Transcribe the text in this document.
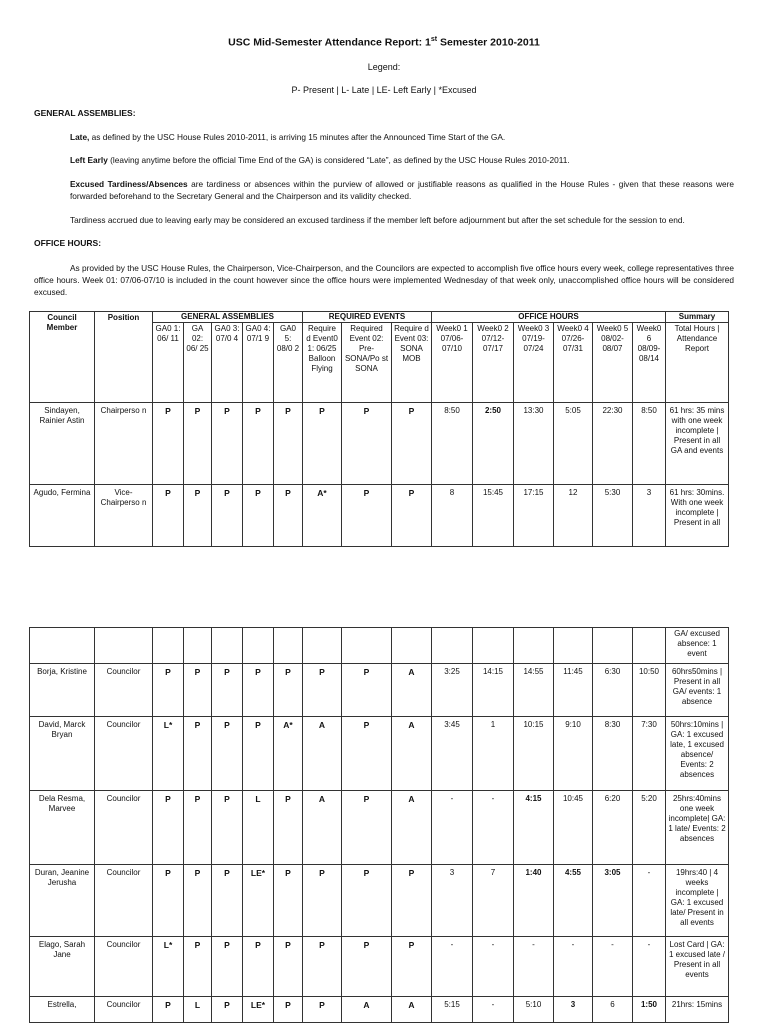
USC Mid-Semester Attendance Report: 1st Semester 2010-2011
Legend:
P- Present | L- Late | LE- Left Early | *Excused
GENERAL ASSEMBLIES:
Late, as defined by the USC House Rules 2010-2011, is arriving 15 minutes after the Announced Time Start of the GA.
Left Early (leaving anytime before the official Time End of the GA) is considered “Late”, as defined by the USC House Rules 2010-2011.
Excused Tardiness/Absences are tardiness or absences within the purview of allowed or justifiable reasons as qualified in the House Rules - given that these reasons were forwarded beforehand to the Secretary General and the Chairperson and its validity checked.
Tardiness accrued due to leaving early may be considered an excused tardiness if the member left before adjournment but after the set schedule for the session to end.
OFFICE HOURS:
As provided by the USC House Rules, the Chairperson, Vice-Chairperson, and the Councilors are expected to accomplish five office hours every week, college representatives three office hours. Week 01: 07/06-07/10 is included in the count however since the office hours were implemented Wednesday of that week only, unaccomplished office hours will be considered excused.
Council Member	Position	GENERAL ASSEMBLIES					REQUIRED EVENTS			OFFICE HOURS						Summary
		GA0 1: 06/ 11	GA 02: 06/ 25	GA0 3: 07/0 4	GA0 4: 07/1 9	GA0 5: 08/0 2	Require d Event0 1: 06/25 Balloon Flying	Required Event 02: Pre-SONA/Po st SONA	Require d Event 03: SONA MOB	Week0 1 07/06-07/10	Week0 2 07/12-07/17	Week0 3 07/19-07/24	Week0 4 07/26-07/31	Week0 5 08/02-08/07	Week0 6 08/09-08/14	Total Hours | Attendance Report
Sindayen, Rainier Astin	Chairperso n	P	P	P	P	P	P	P	P	8:50	2:50	13:30	5:05	22:30	8:50	61 hrs: 35 mins with one week incomplete | Present in all GA and events
Agudo, Fermina	Vice-Chairperso n	P	P	P	P	P	A*	P	P	8	15:45	17:15	12	5:30	3	61 hrs: 30mins. With one week incomplete | Present in all
																GA/ excused absence: 1 event
Borja, Kristine	Councilor	P	P	P	P	P	P	P	A	3:25	14:15	14:55	11:45	6:30	10:50	60hrs50mins | Present in all GA/ events: 1 absence
David, Marck Bryan	Councilor	L*	P	P	P	A*	A	P	A	3:45	1	10:15	9:10	8:30	7:30	50hrs:10mins | GA: 1 excused late, 1 excused absence/ Events: 2 absences
Dela Resma, Marvee	Councilor	P	P	P	L	P	A	P	A	-	-	4:15	10:45	6:20	5:20	25hrs:40mins one week incomplete| GA: 1 late/ Events: 2 absences
Duran, Jeanine Jerusha	Councilor	P	P	P	LE*	P	P	P	P	3	7	1:40	4:55	3:05	-	19hrs:40 | 4 weeks incomplete | GA: 1 excused late/ Present in all events
Elago, Sarah Jane	Councilor	L*	P	P	P	P	P	P	P	-	-	-	-	-	-	Lost Card | GA: 1 excused late / Present in all events
Estrella,	Councilor	P	L	P	LE*	P	P	A	A	5:15	-	5:10	3	6	1:50	21hrs: 15mins
